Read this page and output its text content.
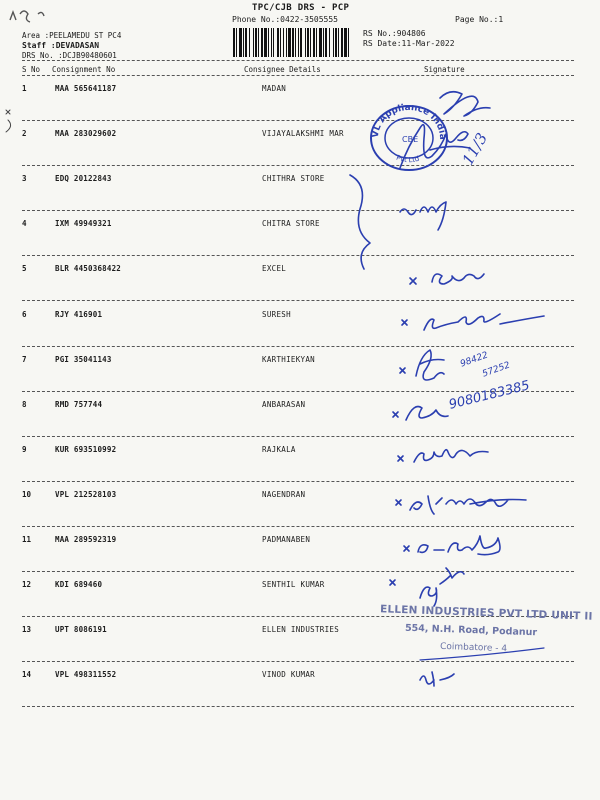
TPC/CJB DRS - PCP
Phone No.:0422-3505555	Page No.:1
RS No.:904806
RS Date:11-Mar-2022
Area :PEELAMEDU ST PC4
Staff :DEVADASAN
DRS No. :DCJB90480601
S No Consignment No	Consignee Details	Signature
1	MAA 565641187	MADAN
2	MAA 283029602	VIJAYALAKSHMI MAR
3	EDQ 20122843	CHITHRA STORE
4	IXM 49949321	CHITRA STORE
5	BLR 4450368422	EXCEL
6	RJY 416901	SURESH
7	PGI 35041143	KARTHIEKYAN
8	RMD 757744	ANBARASAN
9	KUR 693510992	RAJKALA
10	VPL 212528103	NAGENDRAN
11	MAA 289592319	PADMANABEN
12	KDI 689460	SENTHIL KUMAR
13	UPT 8086191	ELLEN INDUSTRIES
14	VPL 498311552	VINOD KUMAR
VL Appliance India
CBE
Pvt Ltd	11/3
98422
57252
9080183385
ELLEN INDUSTRIES PVT LTD UNIT II
554, N.H. Road, Podanur
Coimbatore - 4
